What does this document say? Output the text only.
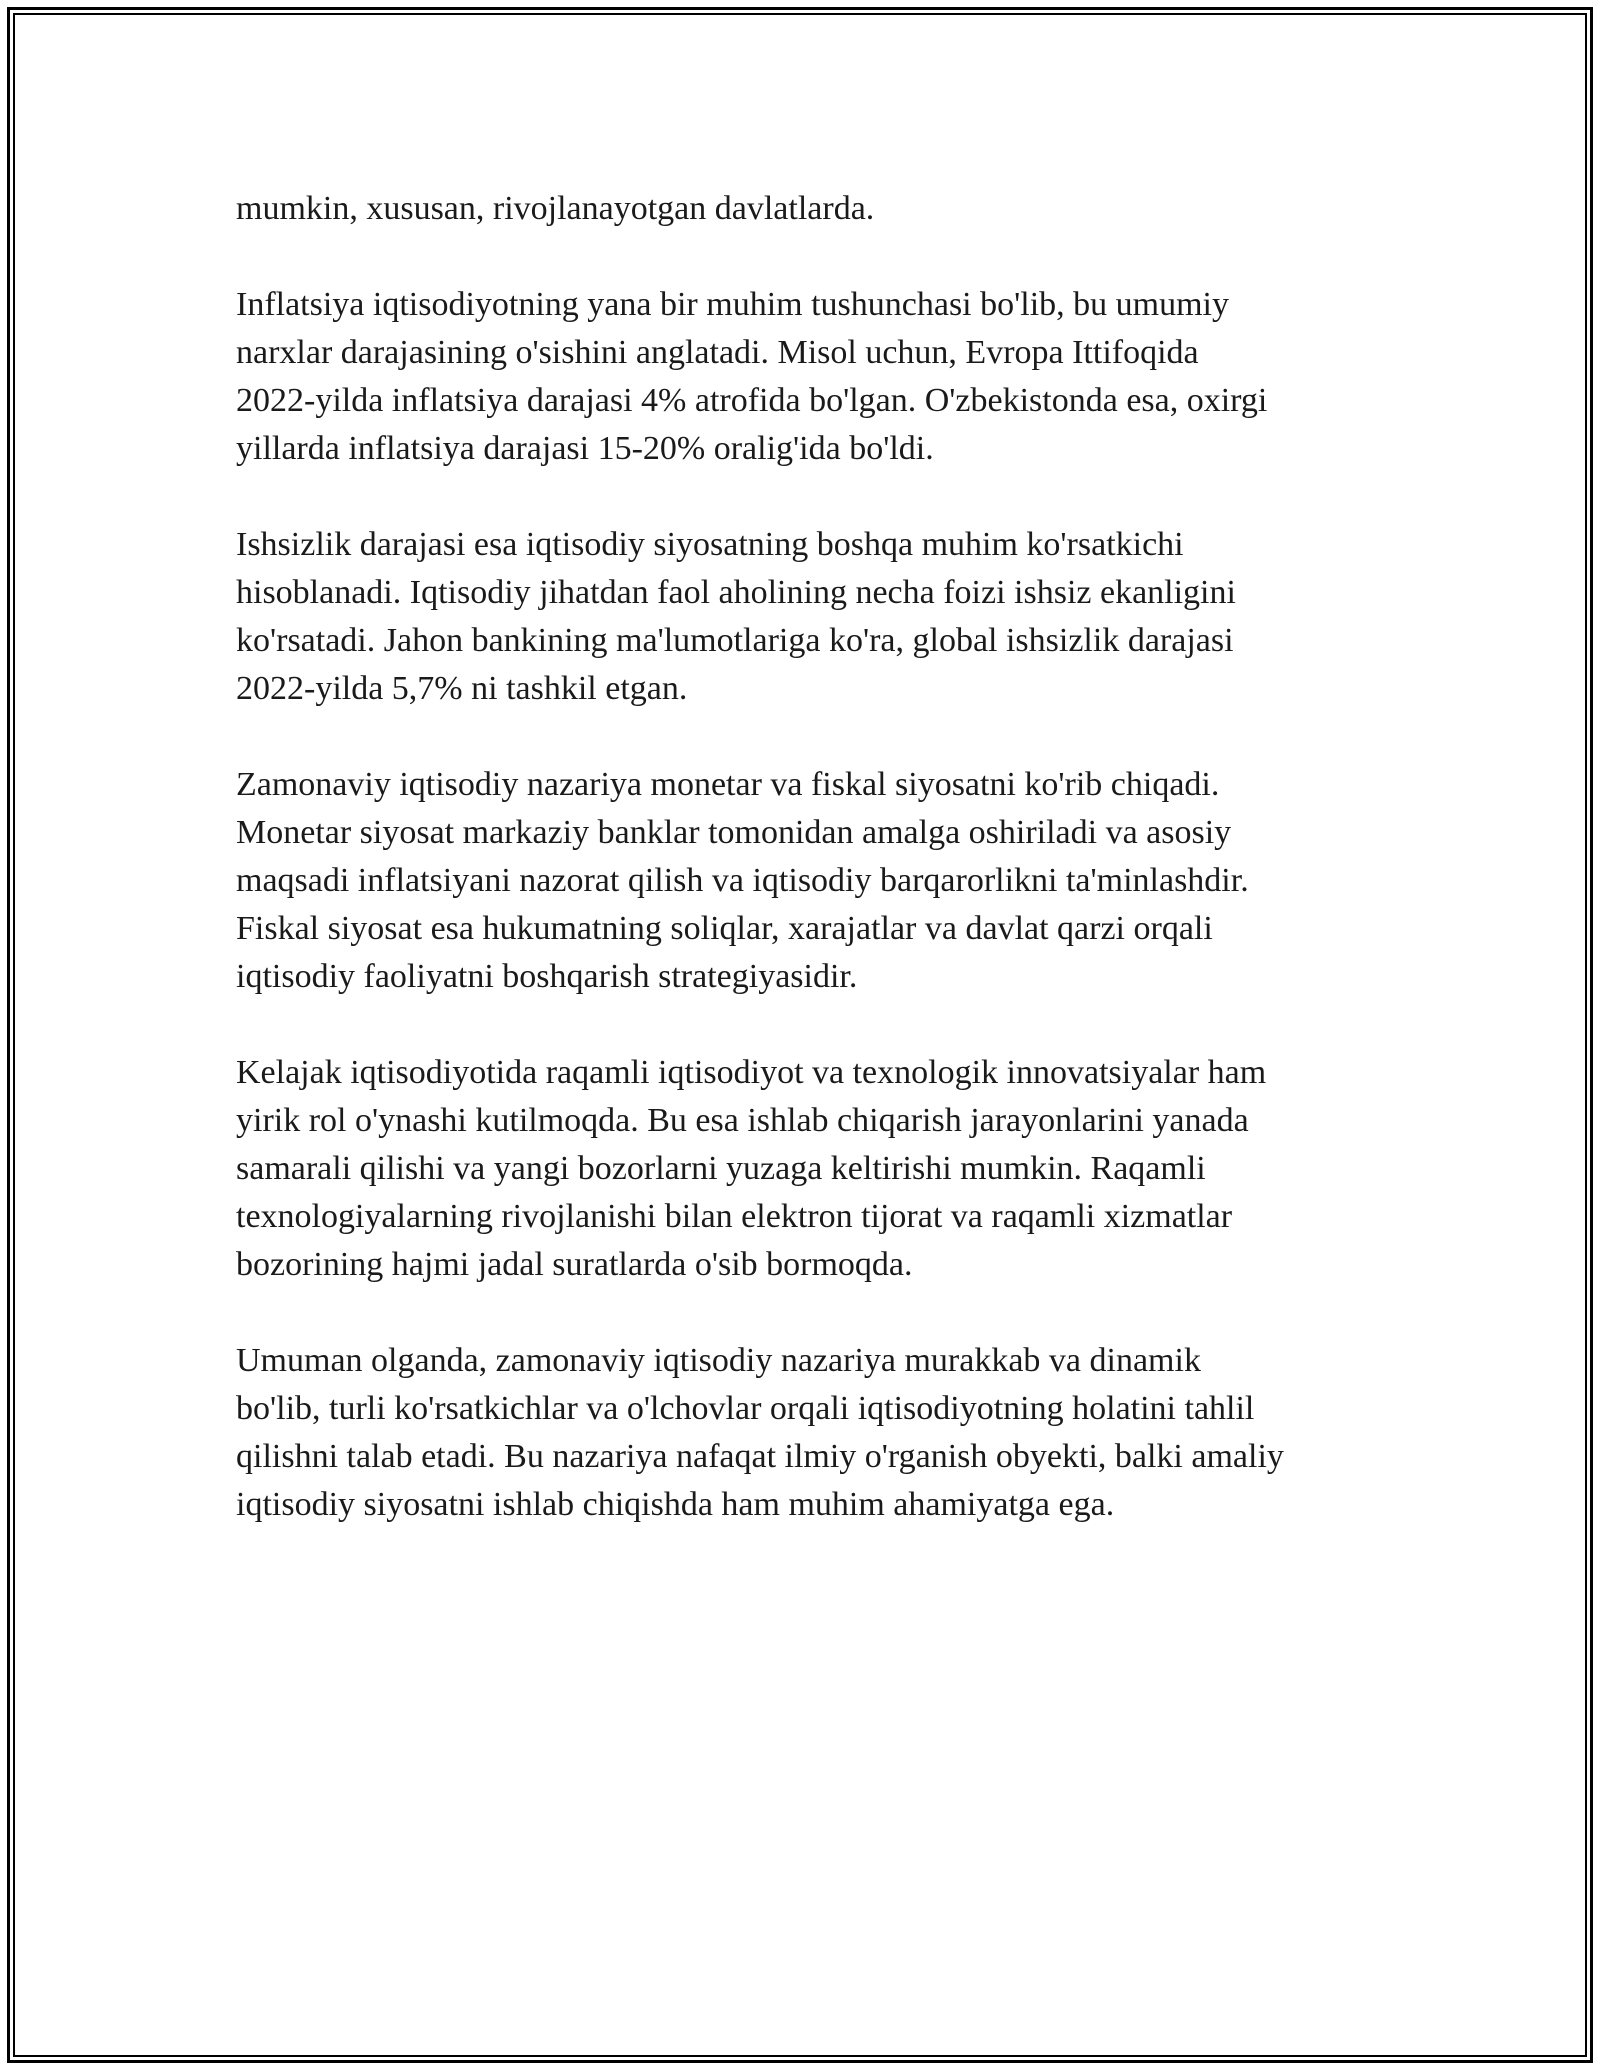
mumkin, xususan, rivojlanayotgan davlatlarda.

Inflatsiya iqtisodiyotning yana bir muhim tushunchasi bo'lib, bu umumiy
narxlar darajasining o'sishini anglatadi. Misol uchun, Evropa Ittifoqida
2022-yilda inflatsiya darajasi 4% atrofida bo'lgan. O'zbekistonda esa, oxirgi
yillarda inflatsiya darajasi 15-20% oralig'ida bo'ldi.

Ishsizlik darajasi esa iqtisodiy siyosatning boshqa muhim ko'rsatkichi
hisoblanadi. Iqtisodiy jihatdan faol aholining necha foizi ishsiz ekanligini
ko'rsatadi. Jahon bankining ma'lumotlariga ko'ra, global ishsizlik darajasi
2022-yilda 5,7% ni tashkil etgan.

Zamonaviy iqtisodiy nazariya monetar va fiskal siyosatni ko'rib chiqadi.
Monetar siyosat markaziy banklar tomonidan amalga oshiriladi va asosiy
maqsadi inflatsiyani nazorat qilish va iqtisodiy barqarorlikni ta'minlashdir.
Fiskal siyosat esa hukumatning soliqlar, xarajatlar va davlat qarzi orqali
iqtisodiy faoliyatni boshqarish strategiyasidir.

Kelajak iqtisodiyotida raqamli iqtisodiyot va texnologik innovatsiyalar ham
yirik rol o'ynashi kutilmoqda. Bu esa ishlab chiqarish jarayonlarini yanada
samarali qilishi va yangi bozorlarni yuzaga keltirishi mumkin. Raqamli
texnologiyalarning rivojlanishi bilan elektron tijorat va raqamli xizmatlar
bozorining hajmi jadal suratlarda o'sib bormoqda.

Umuman olganda, zamonaviy iqtisodiy nazariya murakkab va dinamik
bo'lib, turli ko'rsatkichlar va o'lchovlar orqali iqtisodiyotning holatini tahlil
qilishni talab etadi. Bu nazariya nafaqat ilmiy o'rganish obyekti, balki amaliy
iqtisodiy siyosatni ishlab chiqishda ham muhim ahamiyatga ega.
